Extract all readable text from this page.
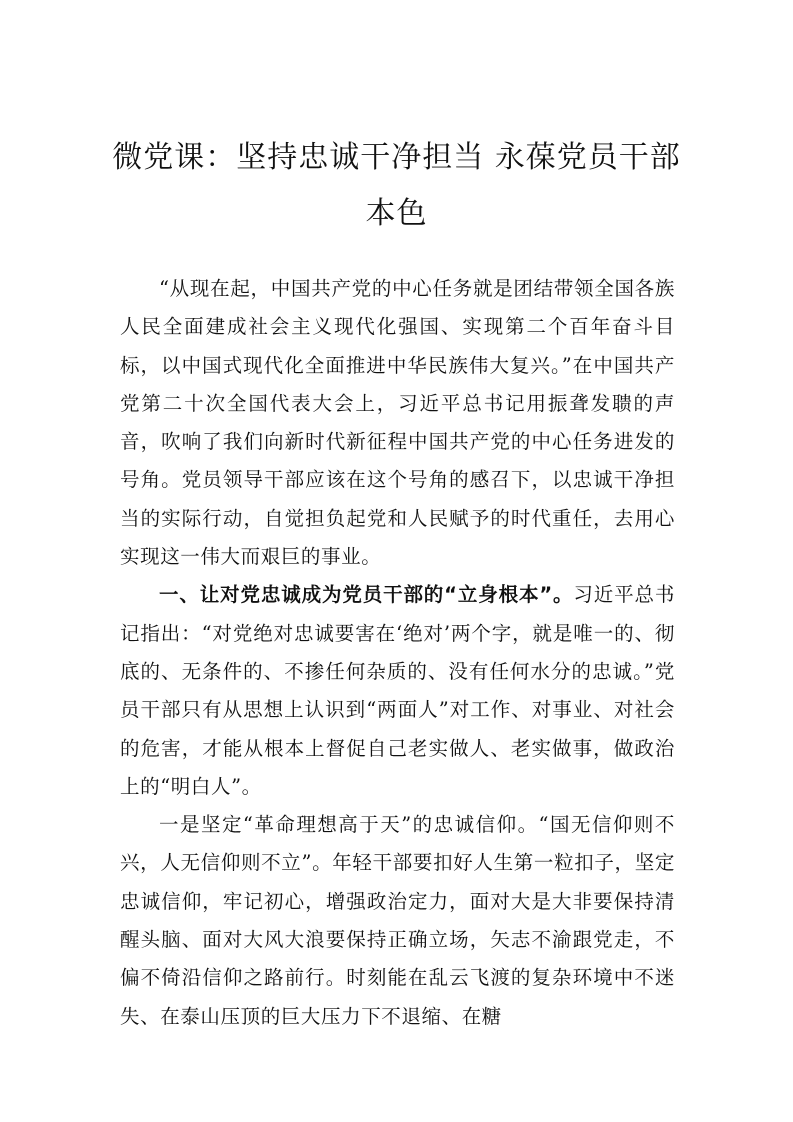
微党课：坚持忠诚干净担当 永葆党员干部
本色

“从现在起，中国共产党的中心任务就是团结带领全国各族人民全面建成社会主义现代化强国、实现第二个百年奋斗目标，以中国式现代化全面推进中华民族伟大复兴。”在中国共产党第二十次全国代表大会上，习近平总书记用振聋发聩的声音，吹响了我们向新时代新征程中国共产党的中心任务进发的号角。党员领导干部应该在这个号角的感召下，以忠诚干净担当的实际行动，自觉担负起党和人民赋予的时代重任，去用心实现这一伟大而艰巨的事业。

一、让对党忠诚成为党员干部的“立身根本”。习近平总书记指出：“对党绝对忠诚要害在‘绝对’两个字，就是唯一的、彻底的、无条件的、不掺任何杂质的、没有任何水分的忠诚。”党员干部只有从思想上认识到“两面人”对工作、对事业、对社会的危害，才能从根本上督促自己老实做人、老实做事，做政治上的“明白人”。

一是坚定“革命理想高于天”的忠诚信仰。“国无信仰则不兴，人无信仰则不立”。年轻干部要扣好人生第一粒扣子，坚定忠诚信仰，牢记初心，增强政治定力，面对大是大非要保持清醒头脑、面对大风大浪要保持正确立场，矢志不渝跟党走，不偏不倚沿信仰之路前行。时刻能在乱云飞渡的复杂环境中不迷失、在泰山压顶的巨大压力下不退缩、在糖
